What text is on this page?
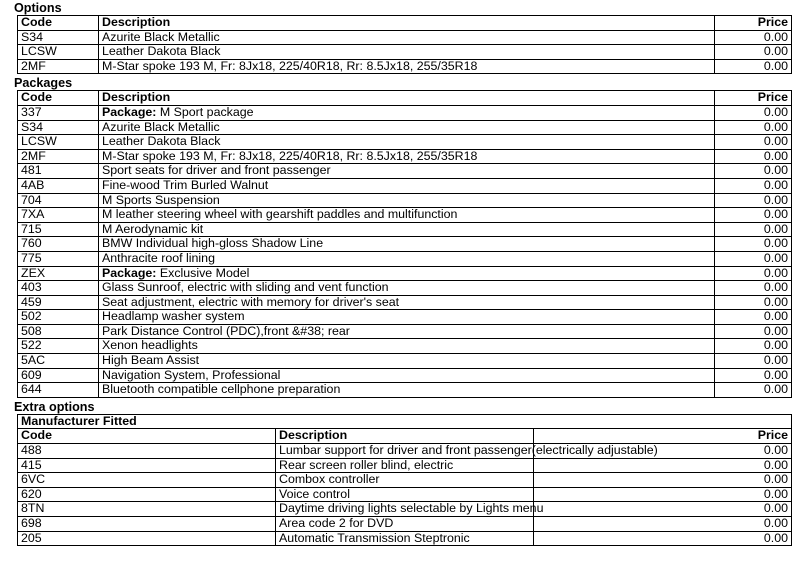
Options
Code	Description	Price
S34	Azurite Black Metallic	0.00
LCSW	Leather Dakota Black	0.00
2MF	M-Star spoke 193 M, Fr: 8Jx18, 225/40R18, Rr: 8.5Jx18, 255/35R18	0.00
Packages
Code	Description	Price
337	Package: M Sport package	0.00
S34	Azurite Black Metallic	0.00
LCSW	Leather Dakota Black	0.00
2MF	M-Star spoke 193 M, Fr: 8Jx18, 225/40R18, Rr: 8.5Jx18, 255/35R18	0.00
481	Sport seats for driver and front passenger	0.00
4AB	Fine-wood Trim Burled Walnut	0.00
704	M Sports Suspension	0.00
7XA	M leather steering wheel with gearshift paddles and multifunction	0.00
715	M Aerodynamic kit	0.00
760	BMW Individual high-gloss Shadow Line	0.00
775	Anthracite roof lining	0.00
ZEX	Package: Exclusive Model	0.00
403	Glass Sunroof, electric with sliding and vent function	0.00
459	Seat adjustment, electric with memory for driver's seat	0.00
502	Headlamp washer system	0.00
508	Park Distance Control (PDC),front &#38; rear	0.00
522	Xenon headlights	0.00
5AC	High Beam Assist	0.00
609	Navigation System, Professional	0.00
644	Bluetooth compatible cellphone preparation	0.00
Extra options
Manufacturer Fitted		
Code	Description	Price
488	Lumbar support for driver and front passenger(electrically adjustable)	0.00
415	Rear screen roller blind, electric	0.00
6VC	Combox controller	0.00
620	Voice control	0.00
8TN	Daytime driving lights selectable by Lights menu	0.00
698	Area code 2 for DVD	0.00
205	Automatic Transmission Steptronic	0.00
